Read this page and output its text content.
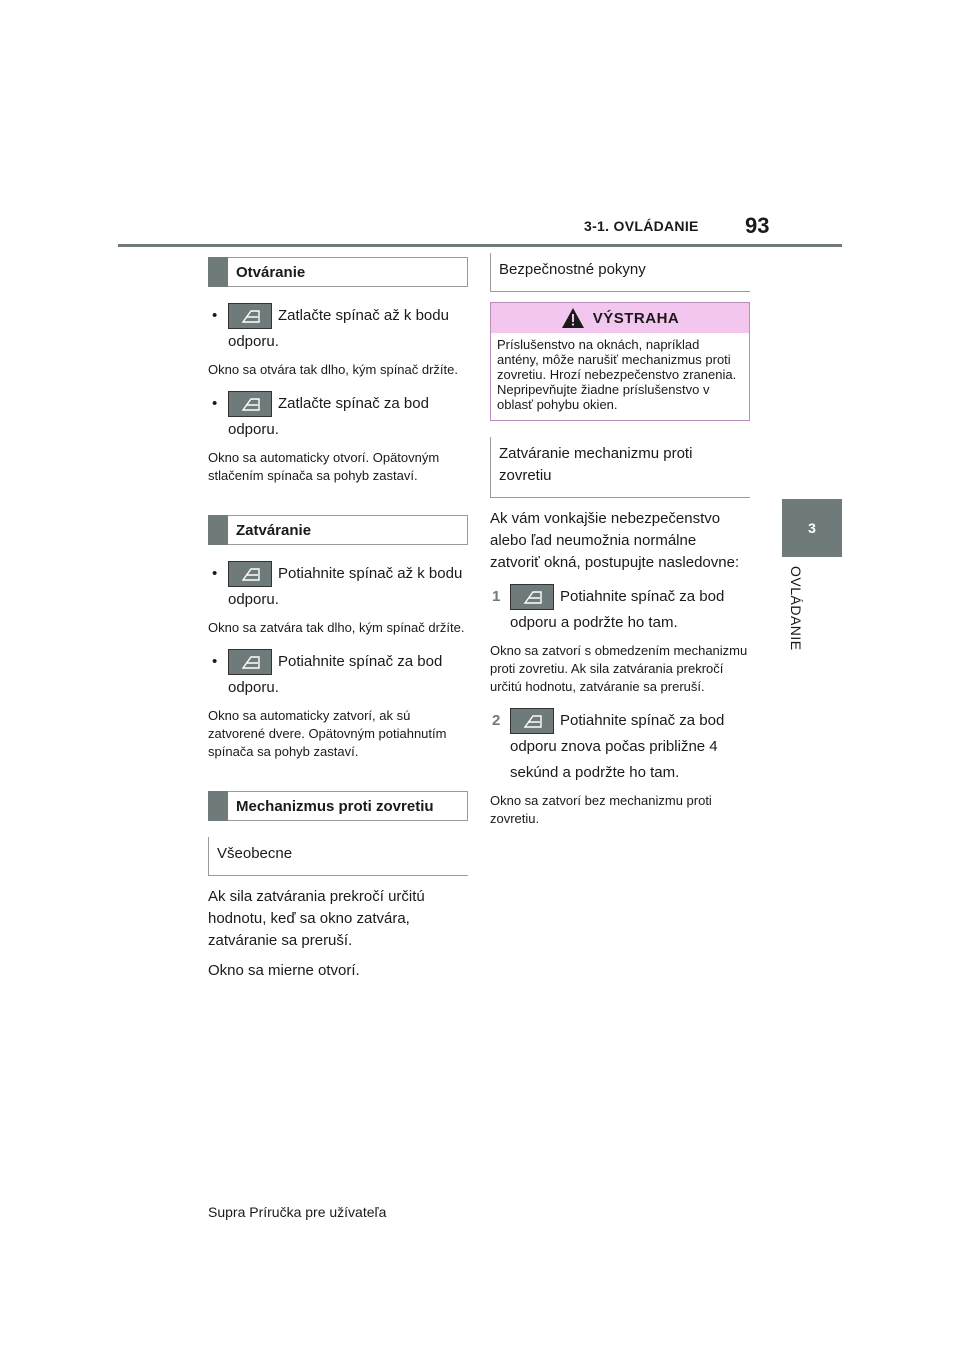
3-1. OVLÁDANIE 93
3
OVLÁDANIE
Otváranie
•	Zatlačte spínač až k bodu odporu.
Okno sa otvára tak dlho, kým spínač držíte.
•	Zatlačte spínač za bod odporu.
Okno sa automaticky otvorí. Opätovným stlačením spínača sa pohyb zastaví.
Zatváranie
•	Potiahnite spínač až k bodu odporu.
Okno sa zatvára tak dlho, kým spínač držíte.
•	Potiahnite spínač za bod odporu.
Okno sa automaticky zatvorí, ak sú zatvorené dvere. Opätovným potiahnutím spínača sa pohyb zastaví.
Mechanizmus proti zovretiu
Všeobecne
Ak sila zatvárania prekročí určitú hodnotu, keď sa okno zatvára, zatváranie sa preruší.
Okno sa mierne otvorí.
Bezpečnostné pokyny
VÝSTRAHA
Príslušenstvo na oknách, napríklad antény, môže narušiť mechanizmus proti zovretiu. Hrozí nebezpečenstvo zranenia. Nepripevňujte žiadne príslušenstvo v oblasť pohybu okien.
Zatváranie mechanizmu proti zovretiu
Ak vám vonkajšie nebezpečenstvo alebo ľad neumožnia normálne zatvoriť okná, postupujte nasledovne:
1	Potiahnite spínač za bod odporu a podržte ho tam.
Okno sa zatvorí s obmedzením mechanizmu proti zovretiu. Ak sila zatvárania prekročí určitú hodnotu, zatváranie sa preruší.
2	Potiahnite spínač za bod odporu znova počas približne 4 sekúnd a podržte ho tam.
Okno sa zatvorí bez mechanizmu proti zovretiu.
Supra Príručka pre užívateľa
